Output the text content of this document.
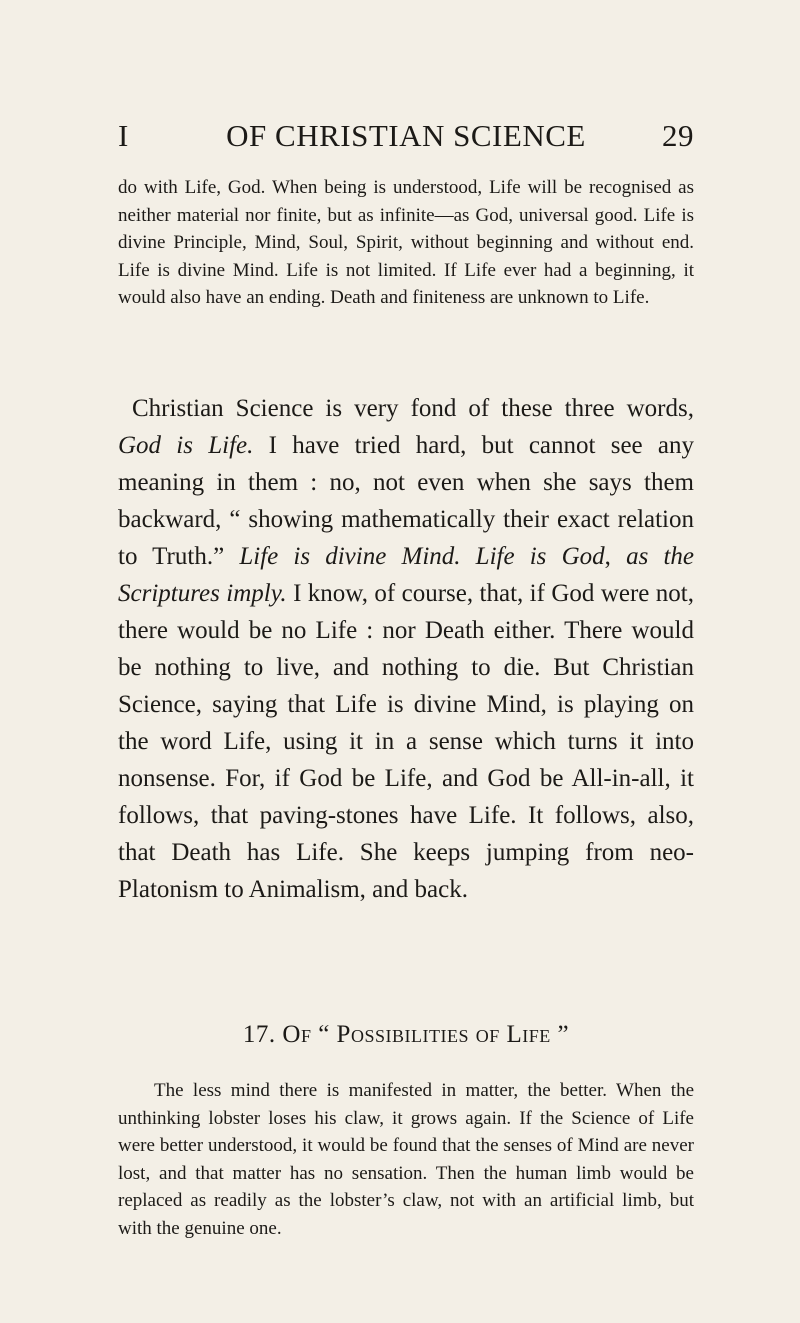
I	OF CHRISTIAN SCIENCE	29

do with Life, God. When being is understood, Life will be recognised as neither material nor finite, but as infinite—as God, universal good. Life is divine Principle, Mind, Soul, Spirit, without beginning and without end. Life is divine Mind. Life is not limited. If Life ever had a beginning, it would also have an ending. Death and finiteness are unknown to Life.

Christian Science is very fond of these three words, God is Life. I have tried hard, but cannot see any meaning in them : no, not even when she says them backward, “ showing mathematically their exact relation to Truth.” Life is divine Mind. Life is God, as the Scriptures imply. I know, of course, that, if God were not, there would be no Life : nor Death either. There would be nothing to live, and nothing to die. But Christian Science, saying that Life is divine Mind, is playing on the word Life, using it in a sense which turns it into nonsense. For, if God be Life, and God be All-in-all, it follows, that paving-stones have Life. It follows, also, that Death has Life. She keeps jumping from neo-Platonism to Animalism, and back.

17. Of “ Possibilities of Life ”

The less mind there is manifested in matter, the better. When the unthinking lobster loses his claw, it grows again. If the Science of Life were better understood, it would be found that the senses of Mind are never lost, and that matter has no sensation. Then the human limb would be replaced as readily as the lobster’s claw, not with an artificial limb, but with the genuine one.
